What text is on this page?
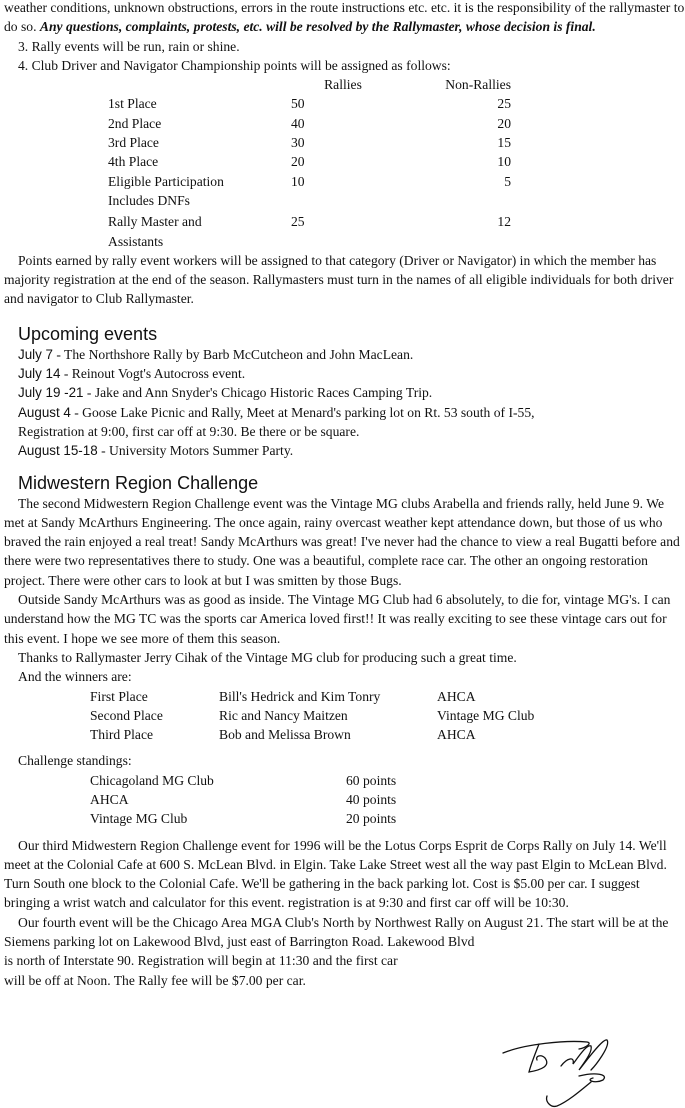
weather conditions, unknown obstructions, errors in the route instructions etc. etc. it is the responsibility of the rallymaster to do so. Any questions, complaints, protests, etc. will be resolved by the Rallymaster, whose decision is final.

3. Rally events will be run, rain or shine.

4. Club Driver and Navigator Championship points will be assigned as follows:

	Rallies	Non-Rallies
1st Place	50	25
2nd Place	40	20
3rd Place	30	15
4th Place	20	10

Eligible Participation
Includes DNFs	10	5

Rally Master and
Assistants	25	12

Points earned by rally event workers will be assigned to that category (Driver or Navigator) in which the member has majority registration at the end of the season. Rallymasters must turn in the names of all eligible individuals for both driver and navigator to Club Rallymaster.

Upcoming events

July 7 - The Northshore Rally by Barb McCutcheon and John MacLean.

July 14 - Reinout Vogt's Autocross event.

July 19 -21 - Jake and Ann Snyder's Chicago Historic Races Camping Trip.

August 4 - Goose Lake Picnic and Rally, Meet at Menard's parking lot on Rt. 53 south of I-55,

Registration at 9:00, first car off at 9:30. Be there or be square.

August 15-18 - University Motors Summer Party.

Midwestern Region Challenge

The second Midwestern Region Challenge event was the Vintage MG clubs Arabella and friends rally, held June 9. We met at Sandy McArthurs Engineering. The once again, rainy overcast weather kept attendance down, but those of us who braved the rain enjoyed a real treat! Sandy McArthurs was great! I've never had the chance to view a real Bugatti before and there were two representatives there to study. One was a beautiful, complete race car. The other an ongoing restoration project. There were other cars to look at but I was smitten by those Bugs.

Outside Sandy McArthurs was as good as inside. The Vintage MG Club had 6 absolutely, to die for, vintage MG's. I can understand how the MG TC was the sports car America loved first!! It was really exciting to see these vintage cars out for this event. I hope we see more of them this season.

Thanks to Rallymaster Jerry Cihak of the Vintage MG club for producing such a great time.

And the winners are:

First Place	Bill's Hedrick and Kim Tonry	AHCA
Second Place	Ric and Nancy Maitzen	Vintage MG Club
Third Place	Bob and Melissa Brown	AHCA

Challenge standings:

Chicagoland MG Club	60 points
AHCA	40 points
Vintage MG Club	20 points

Our third Midwestern Region Challenge event for 1996 will be the Lotus Corps Esprit de Corps Rally on July 14. We'll meet at the Colonial Cafe at 600 S. McLean Blvd. in Elgin. Take Lake Street west all the way past Elgin to McLean Blvd. Turn South one block to the Colonial Cafe. We'll be gathering in the back parking lot. Cost is $5.00 per car. I suggest bringing a wrist watch and calculator for this event. registration is at 9:30 and first car off will be 10:30.

Our fourth event will be the Chicago Area MGA Club's North by Northwest Rally on August 21. The start will be at the Siemens parking lot on Lakewood Blvd, just east of Barrington Road. Lakewood Blvd

is north of Interstate 90. Registration will begin at 11:30 and the first car

will be off at Noon. The Rally fee will be $7.00 per car.
